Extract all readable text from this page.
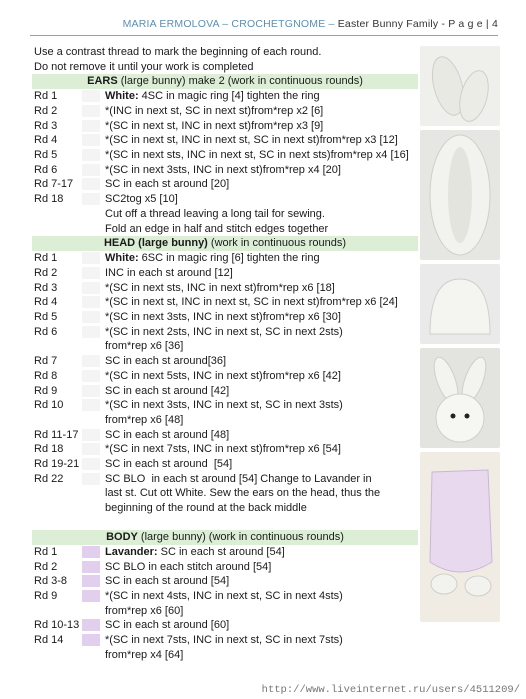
MARIA ERMOLOVA – CROCHETGNOME – Easter Bunny Family - P a g e | 4
Use a contrast thread to mark the beginning of each round.
Do not remove it until your work is completed
EARS (large bunny) make 2 (work in continuous rounds)
Rd 1	White: 4SC in magic ring [4] tighten the ring
Rd 2	*(INC in next st, SC in next st)from*rep x2 [6]
Rd 3	*(SC in next st, INC in next st)from*rep x3 [9]
Rd 4	*(SC in next st, INC in next st, SC in next st)from*rep x3 [12]
Rd 5	*(SC in next sts, INC in next st, SC in next sts)from*rep x4 [16]
Rd 6	*(SC in next 3sts, INC in next st)from*rep x4 [20]
Rd 7-17	SC in each st around [20]
Rd 18	SC2tog x5 [10]
Cut off a thread leaving a long tail for sewing.
Fold an edge in half and stitch edges together
HEAD (large bunny) (work in continuous rounds)
Rd 1	White: 6SC in magic ring [6] tighten the ring
Rd 2	INC in each st around [12]
Rd 3	*(SC in next sts, INC in next st)from*rep x6 [18]
Rd 4	*(SC in next st, INC in next st, SC in next st)from*rep x6 [24]
Rd 5	*(SC in next 3sts, INC in next st)from*rep x6 [30]
Rd 6	*(SC in next 2sts, INC in next st, SC in next 2sts)
from*rep x6 [36]
Rd 7	SC in each st around[36]
Rd 8	*(SC in next 5sts, INC in next st)from*rep x6 [42]
Rd 9	SC in each st around [42]
Rd 10	*(SC in next 3sts, INC in next st, SC in next 3sts)
from*rep x6 [48]
Rd 11-17	SC in each st around [48]
Rd 18	*(SC in next 7sts, INC in next st)from*rep x6 [54]
Rd 19-21 SC in each st around  [54]
Rd 22	SC BLO  in each st around [54] Change to Lavander in
last st. Cut ott White. Sew the ears on the head, thus the
beginning of the round at the back middle
BODY (large bunny) (work in continuous rounds)
Rd 1	Lavander: SC in each st around [54]
Rd 2	SC BLO in each stitch around [54]
Rd 3-8	SC in each st around [54]
Rd 9	*(SC in next 4sts, INC in next st, SC in next 4sts)
from*rep x6 [60]
Rd 10-13 SC in each st around [60]
Rd 14	*(SC in next 7sts, INC in next st, SC in next 7sts)
from*rep x4 [64]
http://www.liveinternet.ru/users/4511209/
